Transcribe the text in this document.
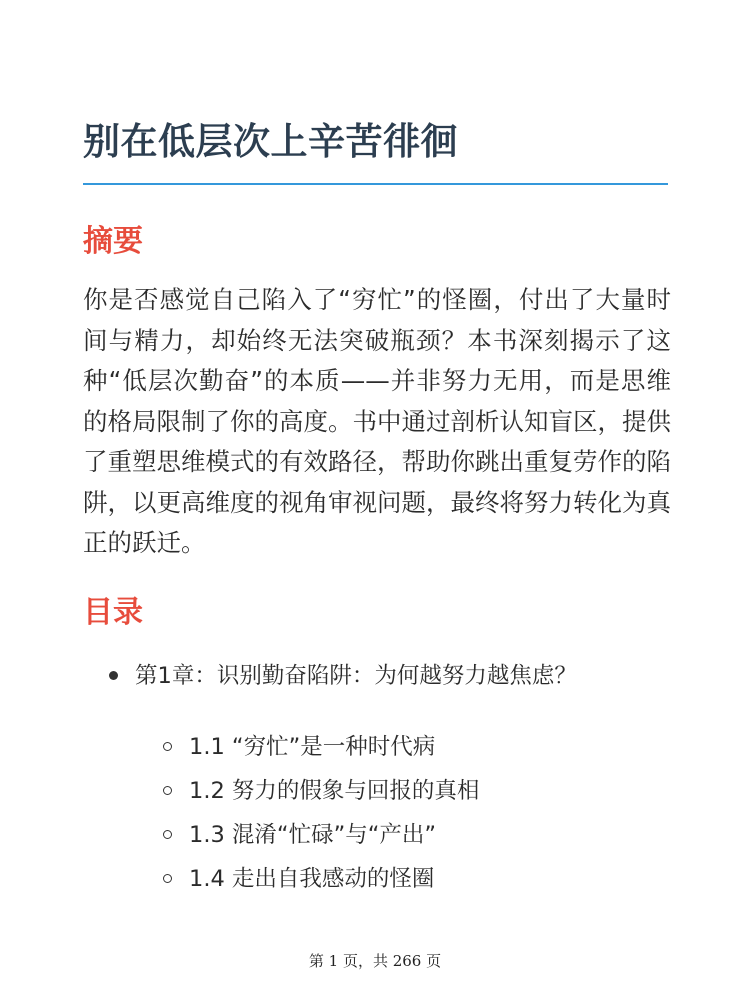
别在低层次上辛苦徘徊
摘要

你是否感觉自己陷入了“穷忙”的怪圈，付出了大量时间与精力，却始终无法突破瓶颈？本书深刻揭示了这种“低层次勤奋”的本质——并非努力无用，而是思维的格局限制了你的高度。书中通过剖析认知盲区，提供了重塑思维模式的有效路径，帮助你跳出重复劳作的陷阱，以更高维度的视角审视问题，最终将努力转化为真正的跃迁。

目录
第1章：识别勤奋陷阱：为何越努力越焦虑？
1.1 “穷忙”是一种时代病
1.2 努力的假象与回报的真相
1.3 混淆“忙碌”与“产出”
1.4 走出自我感动的怪圈
第 1 页，共 266 页
